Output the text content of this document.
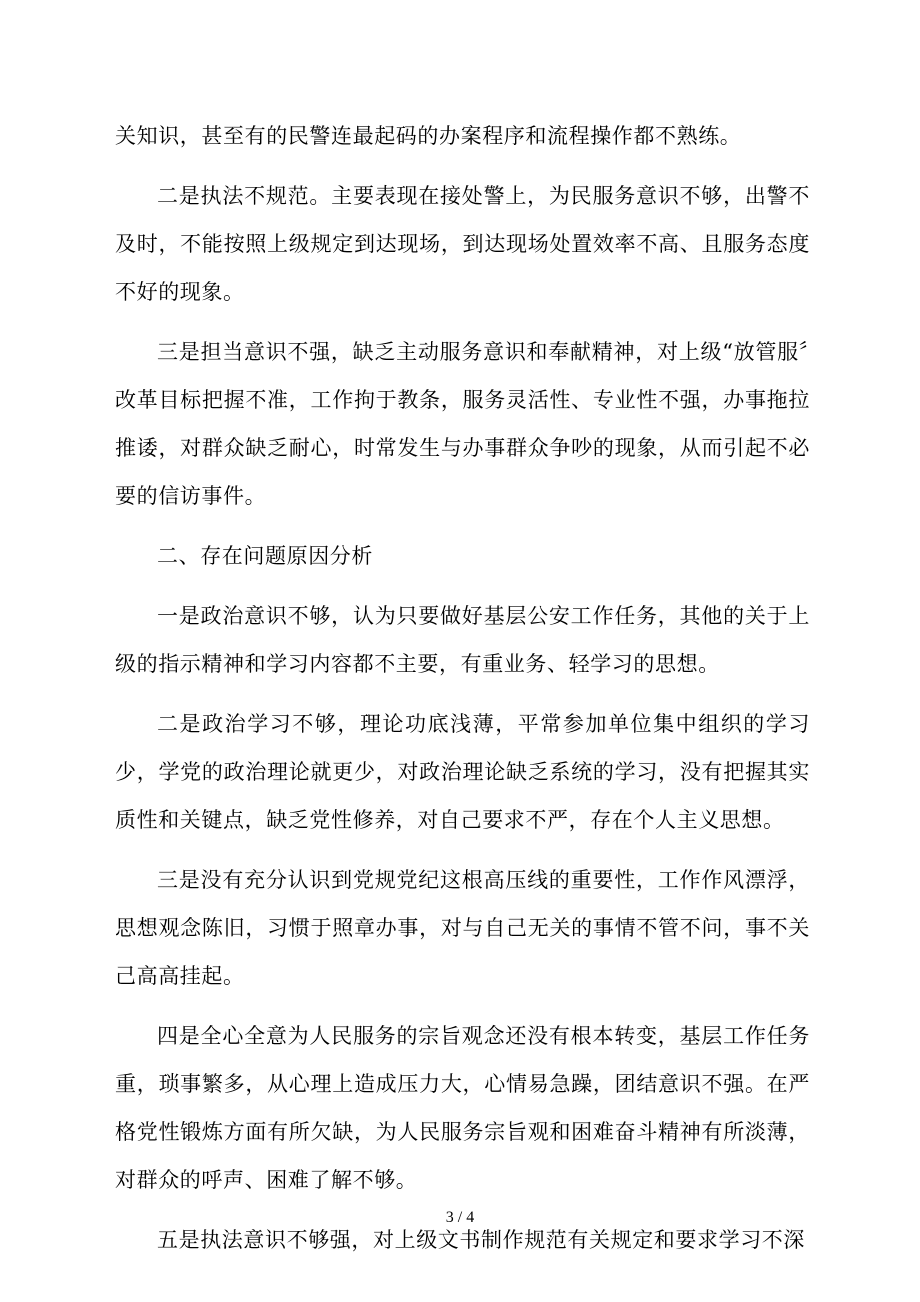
关知识，甚至有的民警连最起码的办案程序和流程操作都不熟练。

二是执法不规范。主要表现在接处警上，为民服务意识不够，出警不及时，不能按照上级规定到达现场，到达现场处置效率不高、且服务态度不好的现象。

三是担当意识不强，缺乏主动服务意识和奉献精神，对上级“放管服〞改革目标把握不准，工作拘于教条，服务灵活性、专业性不强，办事拖拉推诿，对群众缺乏耐心，时常发生与办事群众争吵的现象，从而引起不必要的信访事件。

二、存在问题原因分析

一是政治意识不够，认为只要做好基层公安工作任务，其他的关于上级的指示精神和学习内容都不主要，有重业务、轻学习的思想。

二是政治学习不够，理论功底浅薄，平常参加单位集中组织的学习少，学党的政治理论就更少，对政治理论缺乏系统的学习，没有把握其实质性和关键点，缺乏党性修养，对自己要求不严，存在个人主义思想。

三是没有充分认识到党规党纪这根高压线的重要性，工作作风漂浮，思想观念陈旧，习惯于照章办事，对与自己无关的事情不管不问，事不关己高高挂起。

四是全心全意为人民服务的宗旨观念还没有根本转变，基层工作任务重，琐事繁多，从心理上造成压力大，心情易急躁，团结意识不强。在严格党性锻炼方面有所欠缺，为人民服务宗旨观和困难奋斗精神有所淡薄，对群众的呼声、困难了解不够。

五是执法意识不够强，对上级文书制作规范有关规定和要求学习不深

3 / 4
